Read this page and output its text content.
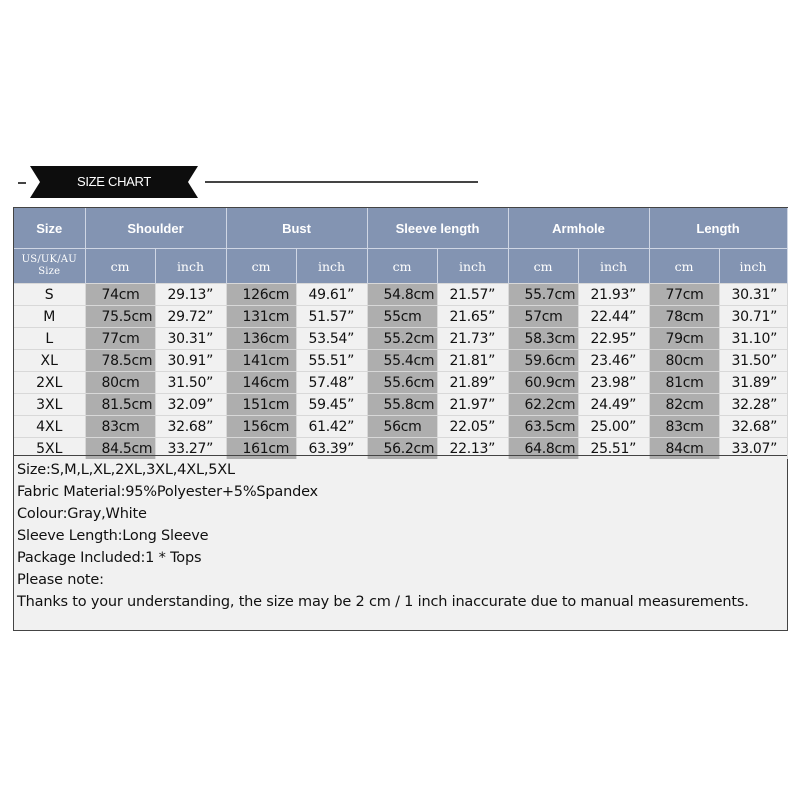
SIZE CHART
Size	Shoulder		Bust		Sleeve length		Armhole		Length	
US/UK/AU Size	cm	inch	cm	inch	cm	inch	cm	inch	cm	inch
S	74cm	29.13”	126cm	49.61”	54.8cm	21.57”	55.7cm	21.93”	77cm	30.31”
M	75.5cm	29.72”	131cm	51.57”	55cm	21.65”	57cm	22.44”	78cm	30.71”
L	77cm	30.31”	136cm	53.54”	55.2cm	21.73”	58.3cm	22.95”	79cm	31.10”
XL	78.5cm	30.91”	141cm	55.51”	55.4cm	21.81”	59.6cm	23.46”	80cm	31.50”
2XL	80cm	31.50”	146cm	57.48”	55.6cm	21.89”	60.9cm	23.98”	81cm	31.89”
3XL	81.5cm	32.09”	151cm	59.45”	55.8cm	21.97”	62.2cm	24.49”	82cm	32.28”
4XL	83cm	32.68”	156cm	61.42”	56cm	22.05”	63.5cm	25.00”	83cm	32.68”
5XL	84.5cm	33.27”	161cm	63.39”	56.2cm	22.13”	64.8cm	25.51”	84cm	33.07”
Size:S,M,L,XL,2XL,3XL,4XL,5XL
Fabric Material:95%Polyester+5%Spandex
Colour:Gray,White
Sleeve Length:Long Sleeve
Package Included:1 * Tops
Please note:
Thanks to your understanding, the size may be 2 cm / 1 inch inaccurate due to manual measurements.
